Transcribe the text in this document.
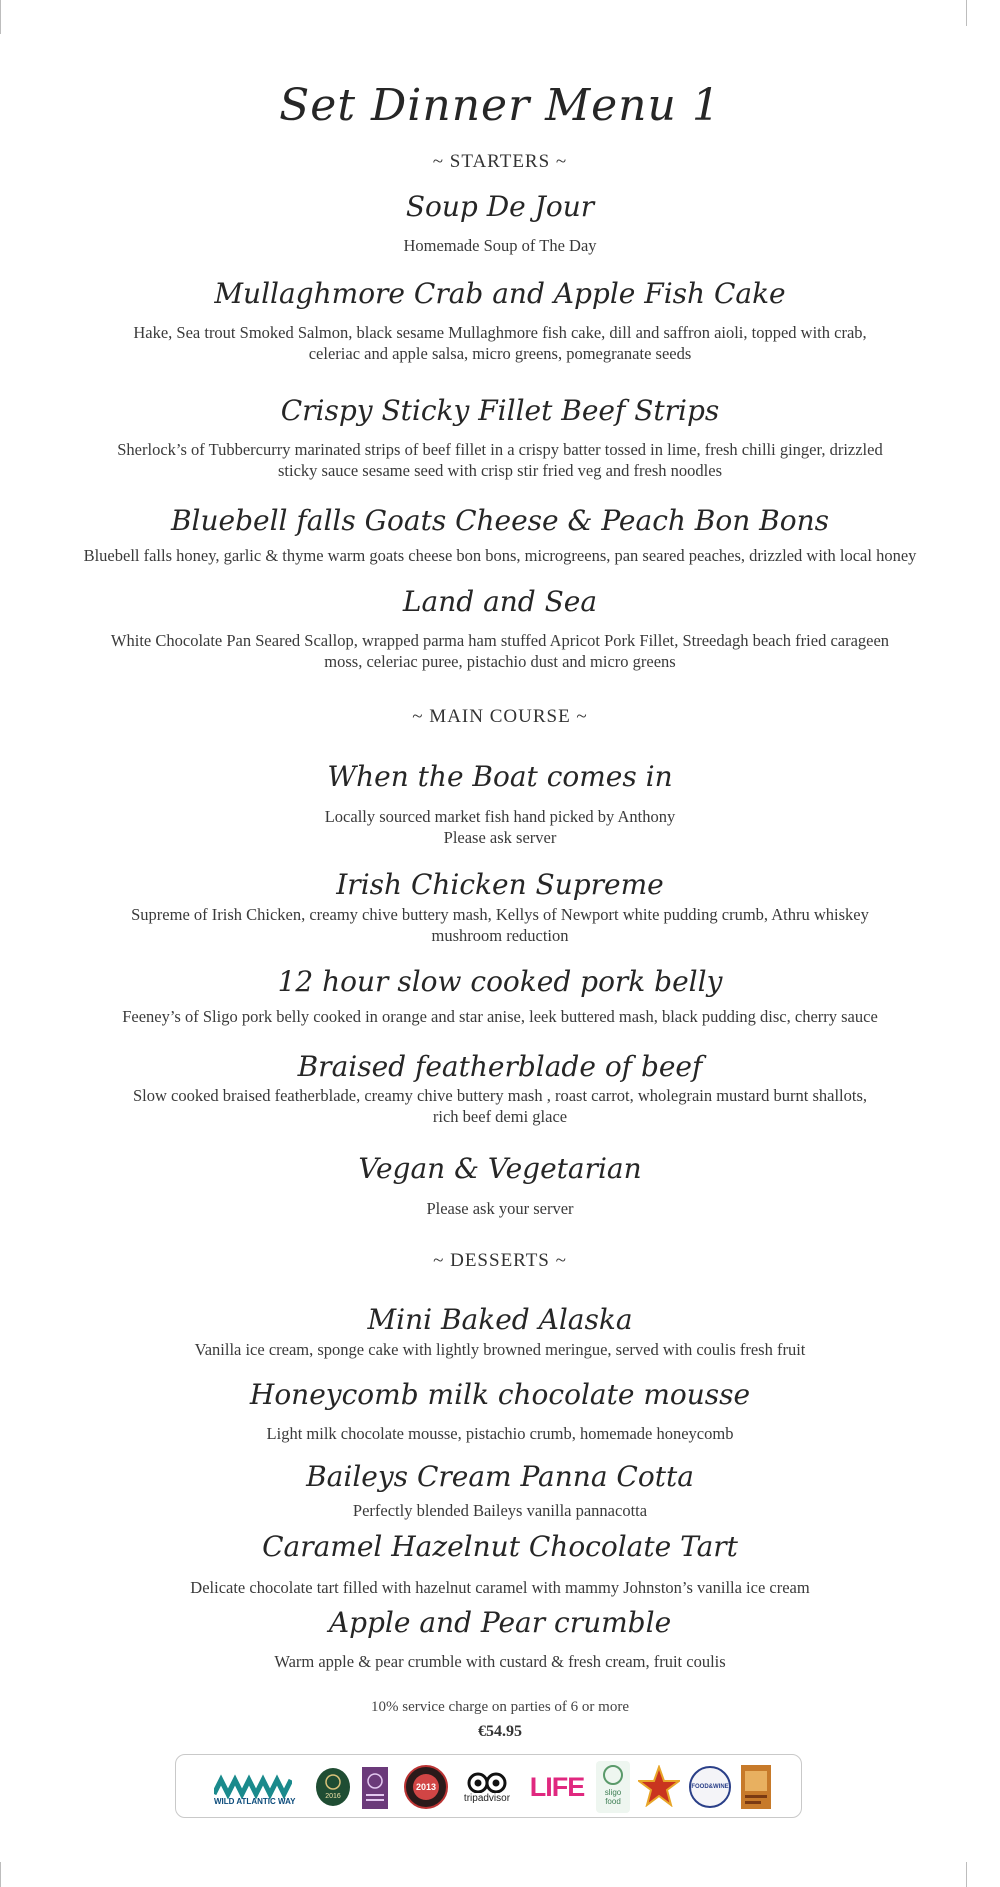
Set Dinner Menu 1
~ STARTERS ~
Soup De Jour
Homemade Soup of The Day
Mullaghmore Crab and Apple Fish Cake
Hake, Sea trout Smoked Salmon, black sesame Mullaghmore fish cake, dill and saffron aioli, topped with crab,
celeriac and apple salsa, micro greens, pomegranate seeds
Crispy Sticky Fillet Beef Strips
Sherlock’s of Tubbercurry marinated strips of beef fillet in a crispy batter tossed in lime, fresh chilli ginger, drizzled
sticky sauce sesame seed with crisp stir fried veg and fresh noodles
Bluebell falls Goats Cheese & Peach Bon Bons
Bluebell falls honey, garlic & thyme warm goats cheese bon bons, microgreens, pan seared peaches, drizzled with local honey
Land and Sea
White Chocolate Pan Seared Scallop, wrapped parma ham stuffed Apricot Pork Fillet, Streedagh beach fried carageen
moss, celeriac puree, pistachio dust and micro greens
~ MAIN COURSE ~
When the Boat comes in
Locally sourced market fish hand picked by Anthony
Please ask server
Irish Chicken Supreme
Supreme of Irish Chicken, creamy chive buttery mash, Kellys of Newport white pudding crumb, Athru whiskey
mushroom reduction
12 hour slow cooked pork belly
Feeney’s of Sligo pork belly cooked in orange and star anise, leek buttered mash, black pudding disc, cherry sauce
Braised featherblade of beef
Slow cooked braised featherblade, creamy chive buttery mash , roast carrot, wholegrain mustard burnt shallots,
rich beef demi glace
Vegan & Vegetarian
Please ask your server
~ DESSERTS ~
Mini Baked Alaska
Vanilla ice cream, sponge cake with lightly browned meringue, served with coulis fresh fruit
Honeycomb milk chocolate mousse
Light milk chocolate mousse, pistachio crumb, homemade honeycomb
Baileys Cream Panna Cotta
Perfectly blended Baileys vanilla pannacotta
Caramel Hazelnut Chocolate Tart
Delicate chocolate tart filled with hazelnut caramel with mammy Johnston’s vanilla ice cream
Apple and Pear crumble
Warm apple & pear crumble with custard & fresh cream, fruit coulis
10% service charge on parties of 6 or more
€54.95
WILD ATLANTIC WAY
2016
2013
tripadvisor LIFE	sligo food
FOOD&WINE
